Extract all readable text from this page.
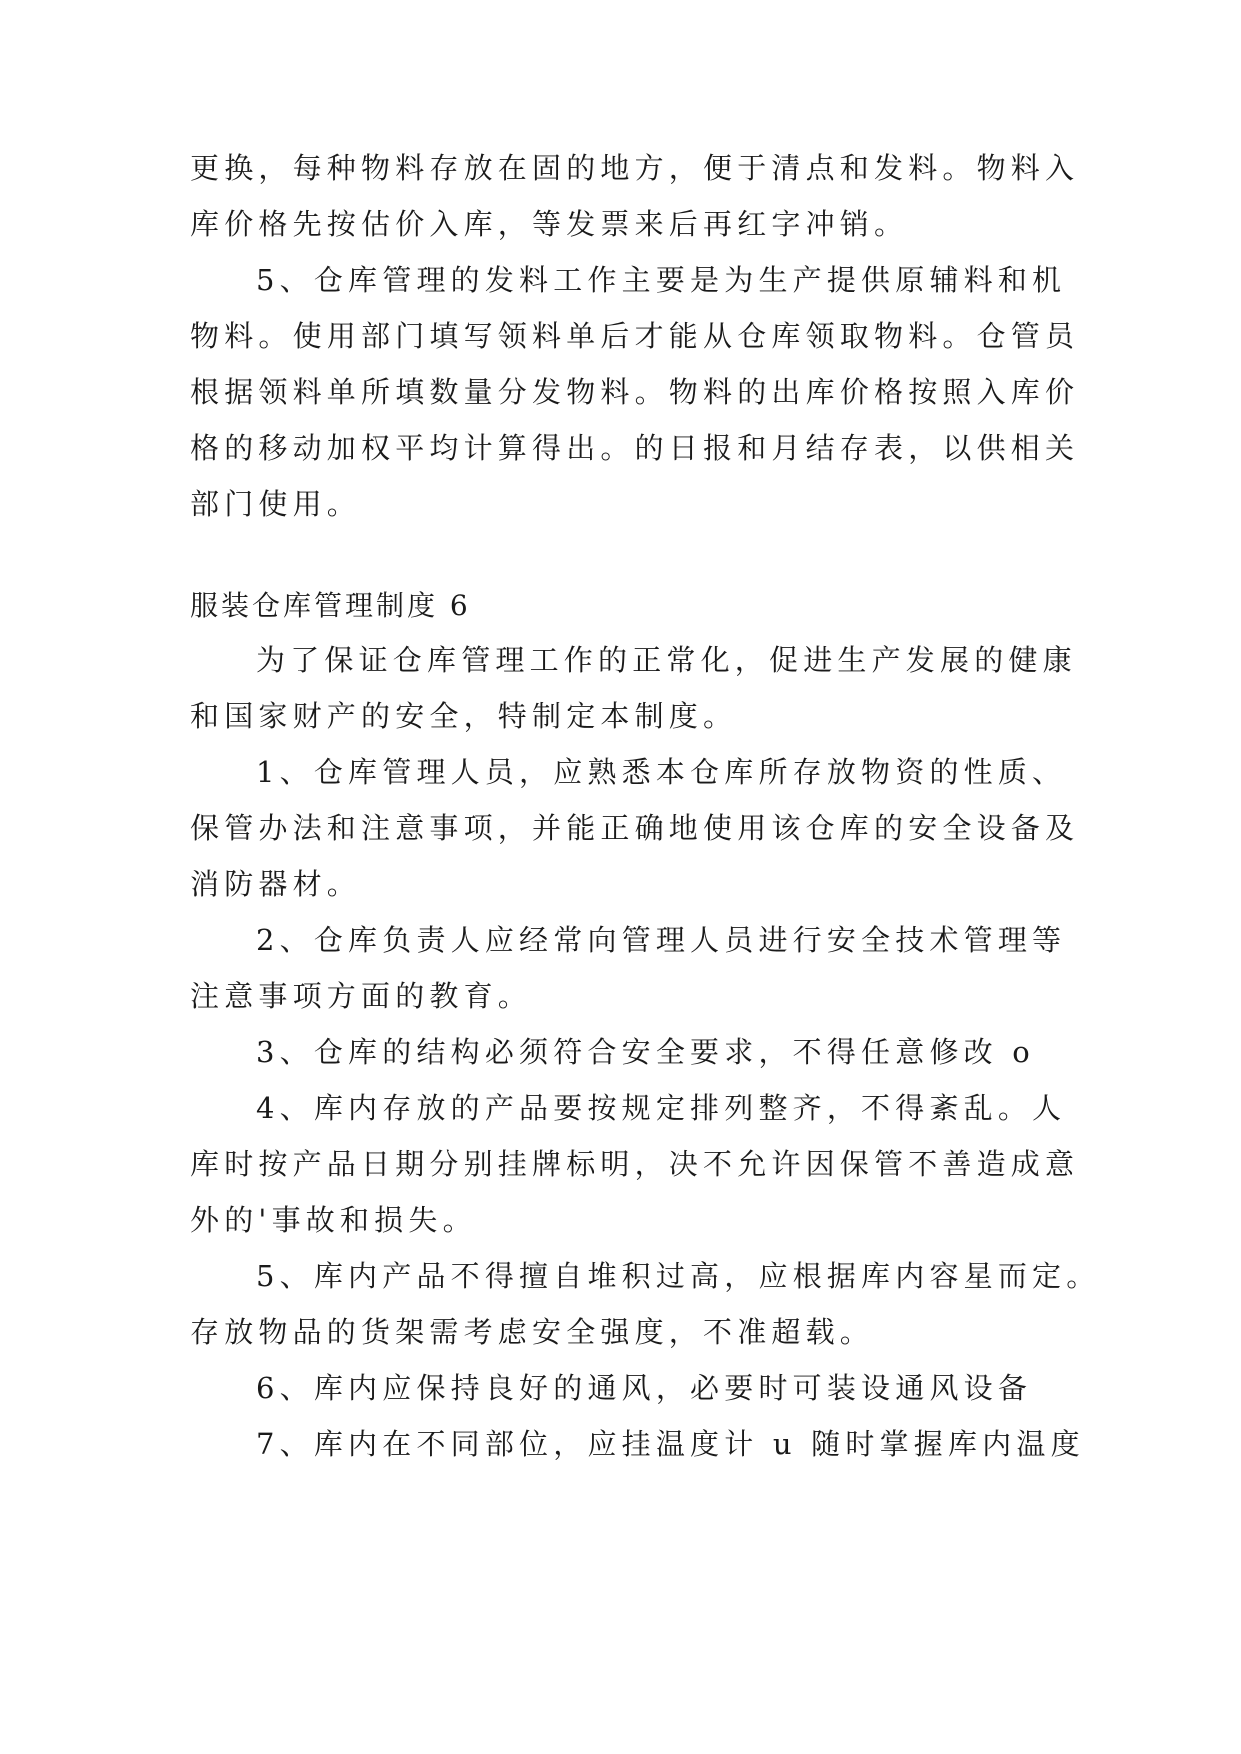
更换，每种物料存放在固的地方，便于清点和发料。物料入
库价格先按估价入库，等发票来后再红字冲销。
5、仓库管理的发料工作主要是为生产提供原辅料和机
物料。使用部门填写领料单后才能从仓库领取物料。仓管员
根据领料单所填数量分发物料。物料的出库价格按照入库价
格的移动加权平均计算得出。的日报和月结存表，以供相关
部门使用。
服装仓库管理制度 6
为了保证仓库管理工作的正常化，促进生产发展的健康
和国家财产的安全，特制定本制度。
1、仓库管理人员，应熟悉本仓库所存放物资的性质、
保管办法和注意事项，并能正确地使用该仓库的安全设备及
消防器材。
2、仓库负责人应经常向管理人员进行安全技术管理等
注意事项方面的教育。
3、仓库的结构必须符合安全要求，不得任意修改 o
4、库内存放的产品要按规定排列整齐，不得紊乱。人
库时按产品日期分别挂牌标明，决不允许因保管不善造成意
外的'事故和损失。
5、库内产品不得擅自堆积过高，应根据库内容星而定。
存放物品的货架需考虑安全强度，不准超载。
6、库内应保持良好的通风，必要时可装设通风设备
7、库内在不同部位，应挂温度计 u 随时掌握库内温度
